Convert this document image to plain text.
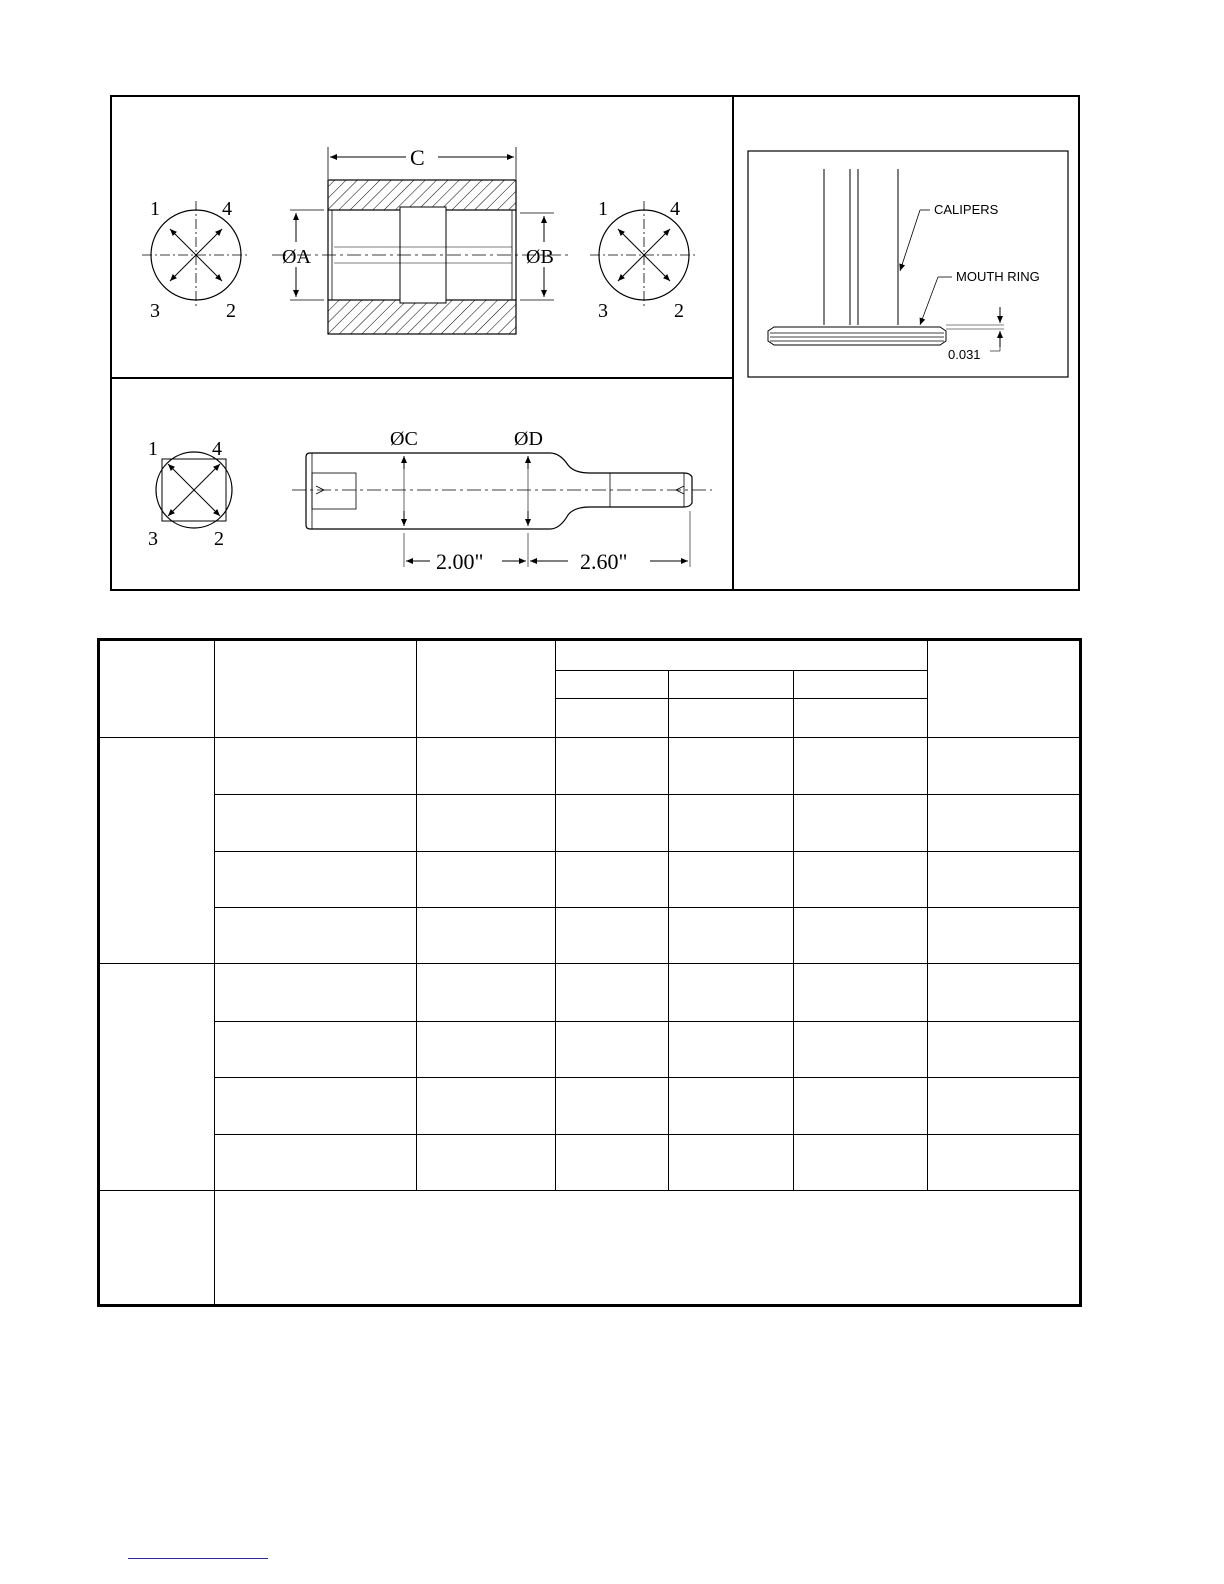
1	4
3	2
C
ØA	ØB
1	4
3	2
1	4
3	2
ØC	ØD
2.00"	2.60"
CALIPERS
MOUTH RING
0.031
